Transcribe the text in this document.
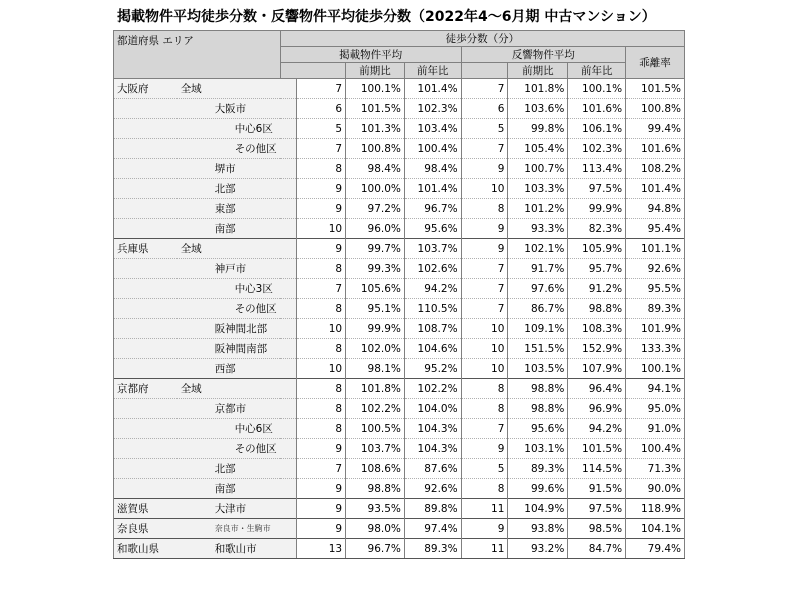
掲載物件平均徒歩分数・反響物件平均徒歩分数（2022年4～6月期 中古マンション）
都道府県 エリア		徒歩分数（分）							
		掲載物件平均				反響物件平均			乖離率
				前期比	前年比		前期比	前年比	
大阪府	全域		7	100.1%	101.4%	7	101.8%	100.1%	101.5%
	大阪市		6	101.5%	102.3%	6	103.6%	101.6%	100.8%
	中心6区		5	101.3%	103.4%	5	99.8%	106.1%	99.4%
	その他区		7	100.8%	100.4%	7	105.4%	102.3%	101.6%
	堺市		8	98.4%	98.4%	9	100.7%	113.4%	108.2%
	北部		9	100.0%	101.4%	10	103.3%	97.5%	101.4%
	東部		9	97.2%	96.7%	8	101.2%	99.9%	94.8%
	南部		10	96.0%	95.6%	9	93.3%	82.3%	95.4%
兵庫県	全域		9	99.7%	103.7%	9	102.1%	105.9%	101.1%
	神戸市		8	99.3%	102.6%	7	91.7%	95.7%	92.6%
	中心3区		7	105.6%	94.2%	7	97.6%	91.2%	95.5%
	その他区		8	95.1%	110.5%	7	86.7%	98.8%	89.3%
	阪神間北部		10	99.9%	108.7%	10	109.1%	108.3%	101.9%
	阪神間南部		8	102.0%	104.6%	10	151.5%	152.9%	133.3%
	西部		10	98.1%	95.2%	10	103.5%	107.9%	100.1%
京都府	全域		8	101.8%	102.2%	8	98.8%	96.4%	94.1%
	京都市		8	102.2%	104.0%	8	98.8%	96.9%	95.0%
	中心6区		8	100.5%	104.3%	7	95.6%	94.2%	91.0%
	その他区		9	103.7%	104.3%	9	103.1%	101.5%	100.4%
	北部		7	108.6%	87.6%	5	89.3%	114.5%	71.3%
	南部		9	98.8%	92.6%	8	99.6%	91.5%	90.0%
滋賀県	大津市		9	93.5%	89.8%	11	104.9%	97.5%	118.9%
奈良県	奈良市・生駒市		9	98.0%	97.4%	9	93.8%	98.5%	104.1%
和歌山県	和歌山市		13	96.7%	89.3%	11	93.2%	84.7%	79.4%
